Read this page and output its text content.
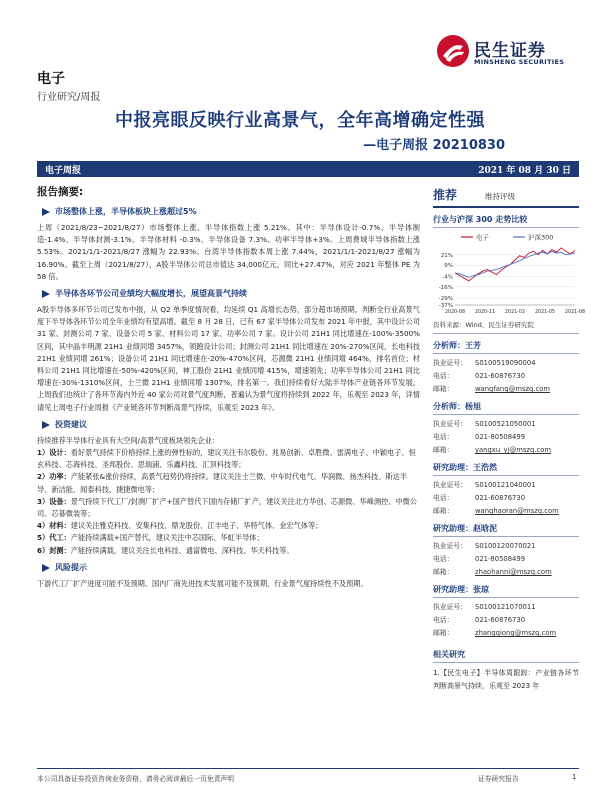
民生证券
MINSHENG SECURITIES
电子
行业研究/周报
中报亮眼反映行业高景气，全年高增确定性强
—电子周报 20210830
电子周报	2021 年 08 月 30 日
报告摘要:
市场整体上涨，半导体板块上涨超过5%

上周（2021/8/23~2021/8/27）市场整体上涨，半导体指数上涨 5.21%。其中：半导体设计-0.7%、半导体制造-1.4%、半导体封测-3.1%、半导体材料 -0.3%、半导体设备 7.3%、功率半导体+3%。上周费城半导体指数上涨 5.53%。2021/1/1-2021/8/27 涨幅为 22.93%。台湾半导体指数本周上涨 7.44%，2021/1/1-2021/8/27 涨幅为 16.90%。截至上周（2021/8/27），A股半导体公司总市值达 34,000亿元，同比+27.47%，对应 2021 年整体 PE 为 58 倍。

半导体各环节公司业绩均大幅度增长，展望高景气持续

A股半导体多环节公司已发布中报，从 Q2 单季度情况看，均延续 Q1 高增长态势，部分超市场预期，判断全行业高景气度下半导体各环节公司全年业绩均有望高增。截至 8 月 28 日，已有 67 家半导体公司发布 2021 年中报，其中设计公司 31 家、封测公司 7 家、设备公司 5 家、材料公司 17 家、功率公司 7 家。设计公司 21H1 同比增速在-100%-3500%区间，其中晶丰明源 21H1 业绩同增 3457%，领跑设计公司；封测公司 21H1 同比增速在 20%-270%区间，长电科技 21H1 业绩同增 261%；设备公司 21H1 同比增速在-20%-470%区间，芯源微 21H1 业绩同增 464%，排名首位；材料公司 21H1 同比增速在-50%-420%区间，神工股份 21H1 业绩同增 415%，增速领先；功率半导体公司 21H1 同比增速在-30%-1310%区间，士兰微 21H1 业绩同增 1307%，排名第一。我们持续看好大陆半导体产业链各环节发展，上周我们也统计了各环节海内外近 40 家公司对景气度判断，普遍认为景气度将持续到 2022 年，乐观至 2023 年，详情请见上周电子行业周报《产业链各环节判断高景气持续，乐观至 2023 年》。

投资建议
持续推荐半导体行业具有大空间/高景气度板块领先企业：
1）设计：看好景气持续下价格持续上涨的弹性标的，建议关注韦尔股份、兆易创新、卓胜微、雷满电子、中颖电子、恒玄科技、芯海科技、圣邦股份、思瑞浦、乐鑫科技、汇顶科技等；
2）功率：产能紧张&涨价持续，高景气趋势仍将持续。建议关注士兰微、中车时代电气、华润微、扬杰科技、斯达半导、新洁能、闻泰科技、捷捷微电等；
3）设备：景气持续下代工厂/封测厂扩产+国产替代下国内存储厂扩产，建议关注北方华创、芯源微、华峰测控、中微公司、芯碁微装等；
4）材料：建议关注雅克科技、安集科技、鼎龙股份、江丰电子、华特气体、金宏气体等；
5）代工：产能持续满载+国产替代，建议关注中芯国际、华虹半导体；
6）封测：产能持续满载，建议关注长电科技、通富微电、深科技、华天科技等。
风险提示
下游代工厂扩产进度可能不及预期、国内厂商先进技术发展可能不及预期、行业景气度持续性不及预期。
推荐	维持评级
行业与沪深 300 走势比较
电子	沪深300
21%
9%
-4%
-16%
-29%
-37%
2020-08 2020-11 2021-02 2021-05 2021-08
资料来源：Wind，民生证券研究院
分析师：王芳
执业证号：	S0100519090004
电话：	021-60876730
邮箱：	wangfang@mszq.com
分析师：杨旭
执业证号：	S0100521050001
电话：	021-80508499
邮箱：	yangxu_yj@mszq.com
研究助理：王浩然
执业证号：	S0100121040001
电话：	021-60876730
邮箱：	wanghaoran@mszq.com
研究助理：赵晗泥
执业证号：	S0100120070021
电话：	021-80508499
邮箱：	zhaohanni@mszq.com
研究助理：张琼
执业证号：	S0100121070011
电话：	021-60876730
邮箱：	zhangqiong@mszq.com
相关研究
1.【民生电子】半导体周跟踪：产业链各环节判断高景气持续，乐观至 2023 年
本公司具备证券投资咨询业务资格，请务必阅读最后一页免责声明	证券研究报告	1
